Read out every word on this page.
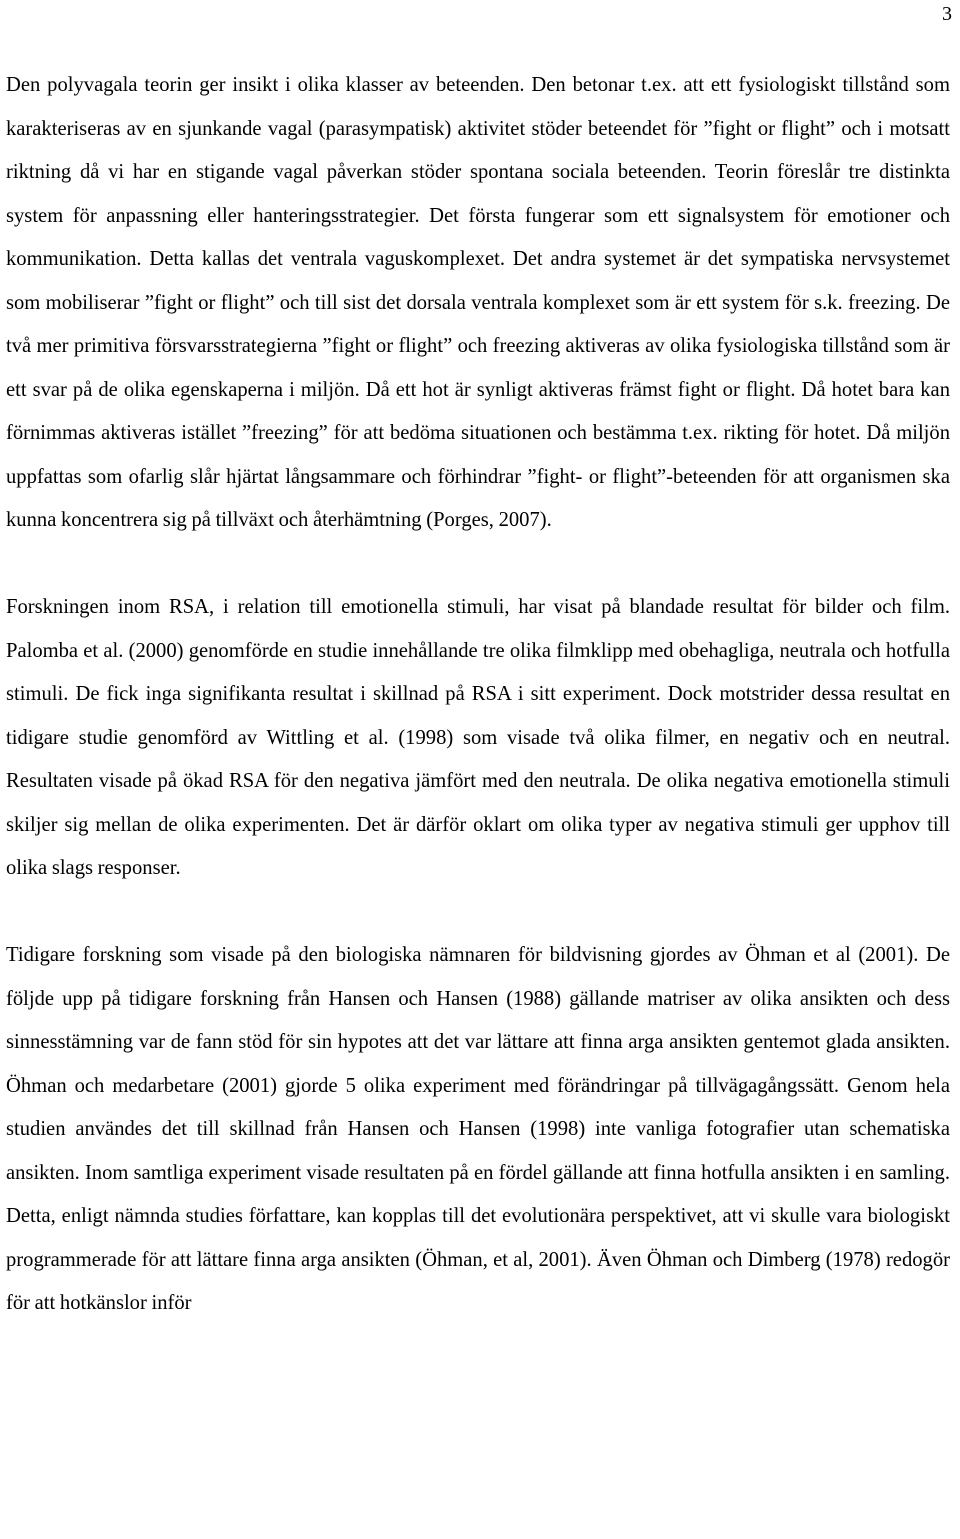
3

Den polyvagala teorin ger insikt i olika klasser av beteenden. Den betonar t.ex. att ett fysiologiskt tillstånd som karakteriseras av en sjunkande vagal (parasympatisk) aktivitet stöder beteendet för ”fight or flight” och i motsatt riktning då vi har en stigande vagal påverkan stöder spontana sociala beteenden. Teorin föreslår tre distinkta system för anpassning eller hanteringsstrategier. Det första fungerar som ett signalsystem för emotioner och kommunikation. Detta kallas det ventrala vaguskomplexet. Det andra systemet är det sympatiska nervsystemet som mobiliserar ”fight or flight” och till sist det dorsala ventrala komplexet som är ett system för s.k. freezing. De två mer primitiva försvarsstrategierna ”fight or flight” och freezing aktiveras av olika fysiologiska tillstånd som är ett svar på de olika egenskaperna i miljön. Då ett hot är synligt aktiveras främst fight or flight. Då hotet bara kan förnimmas aktiveras istället ”freezing” för att bedöma situationen och bestämma t.ex. rikting för hotet. Då miljön uppfattas som ofarlig slår hjärtat långsammare och förhindrar ”fight- or flight”-beteenden för att organismen ska kunna koncentrera sig på tillväxt och återhämtning (Porges, 2007).

Forskningen inom RSA, i relation till emotionella stimuli, har visat på blandade resultat för bilder och film. Palomba et al. (2000) genomförde en studie innehållande tre olika filmklipp med obehagliga, neutrala och hotfulla stimuli. De fick inga signifikanta resultat i skillnad på RSA i sitt experiment. Dock motstrider dessa resultat en tidigare studie genomförd av Wittling et al. (1998) som visade två olika filmer, en negativ och en neutral. Resultaten visade på ökad RSA för den negativa jämfört med den neutrala. De olika negativa emotionella stimuli skiljer sig mellan de olika experimenten. Det är därför oklart om olika typer av negativa stimuli ger upphov till olika slags responser.

Tidigare forskning som visade på den biologiska nämnaren för bildvisning gjordes av Öhman et al (2001). De följde upp på tidigare forskning från Hansen och Hansen (1988) gällande matriser av olika ansikten och dess sinnesstämning var de fann stöd för sin hypotes att det var lättare att finna arga ansikten gentemot glada ansikten. Öhman och medarbetare (2001) gjorde 5 olika experiment med förändringar på tillvägagångssätt. Genom hela studien användes det till skillnad från Hansen och Hansen (1998) inte vanliga fotografier utan schematiska ansikten. Inom samtliga experiment visade resultaten på en fördel gällande att finna hotfulla ansikten i en samling. Detta, enligt nämnda studies författare, kan kopplas till det evolutionära perspektivet, att vi skulle vara biologiskt programmerade för att lättare finna arga ansikten (Öhman, et al, 2001). Även Öhman och Dimberg (1978) redogör för att hotkänslor inför
